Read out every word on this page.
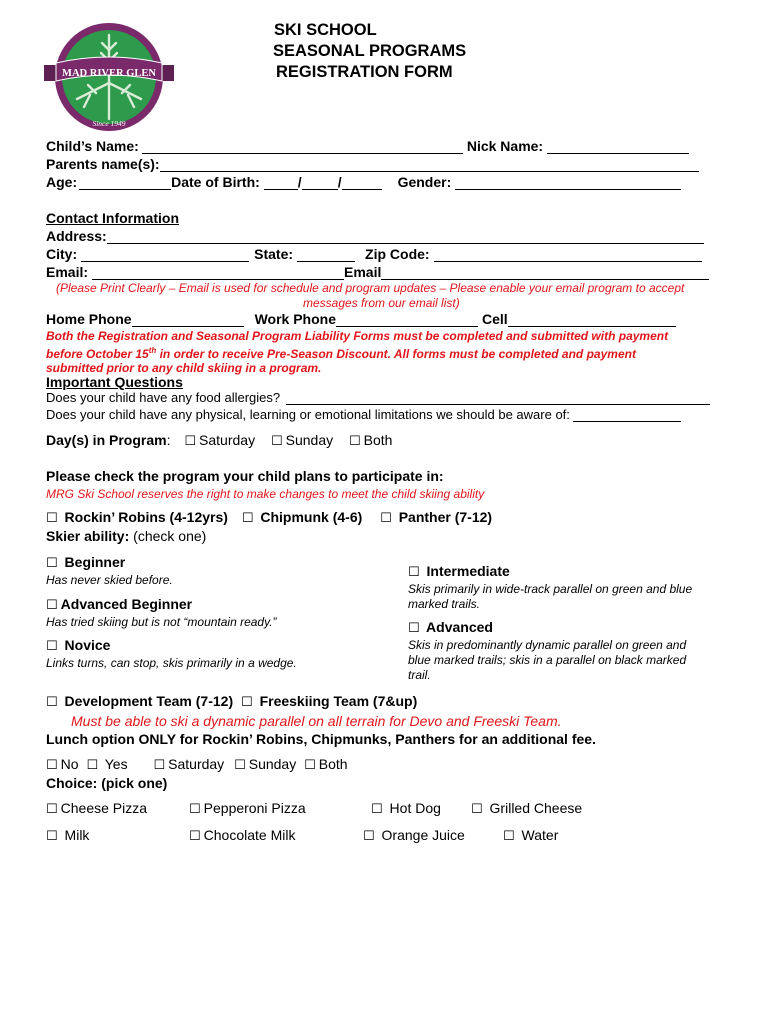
MAD RIVER GLEN
Since 1949
SKI SCHOOL
SEASONAL PROGRAMS
REGISTRATION FORM
Child’s Name:	Nick Name:
Parents name(s):
Age:	Date of Birth:	/	/	Gender:
Contact Information
Address:
City:	State:	Zip Code:
Email:	Email
(Please Print Clearly – Email is used for schedule and program updates – Please enable your email program to accept
messages from our email list)
Home Phone	Work Phone	Cell
Both the Registration and Seasonal Program Liability Forms must be completed and submitted with payment
before October 15th in order to receive Pre-Season Discount. All forms must be completed and payment
submitted prior to any child skiing in a program.
Important Questions
Does your child have any food allergies?
Does your child have any physical, learning or emotional limitations we should be aware of:
Day(s) in Program: ☐ Saturday ☐ Sunday ☐ Both
Please check the program your child plans to participate in:
MRG Ski School reserves the right to make changes to meet the child skiing ability
☐ Rockin’ Robins (4-12yrs) ☐ Chipmunk (4-6) ☐ Panther (7-12)
Skier ability: (check one)
☐ Beginner
Has never skied before.
☐ Advanced Beginner
Has tried skiing but is not “mountain ready.”
☐ Novice
Links turns, can stop, skis primarily in a wedge.
☐ Intermediate
Skis primarily in wide-track parallel on green and blue
marked trails.
☐ Advanced
Skis in predominantly dynamic parallel on green and
blue marked trails; skis in a parallel on black marked
trail.
☐ Development Team (7-12) ☐ Freeskiing Team (7&up)
Must be able to ski a dynamic parallel on all terrain for Devo and Freeski Team.
Lunch option ONLY for Rockin’ Robins, Chipmunks, Panthers for an additional fee.
☐ No ☐ Yes ☐ Saturday ☐ Sunday ☐ Both
Choice: (pick one)
☐ Cheese Pizza	☐ Pepperoni Pizza	☐ Hot Dog ☐ Grilled Cheese
☐ Milk	☐ Chocolate Milk	☐ Orange Juice	☐ Water
